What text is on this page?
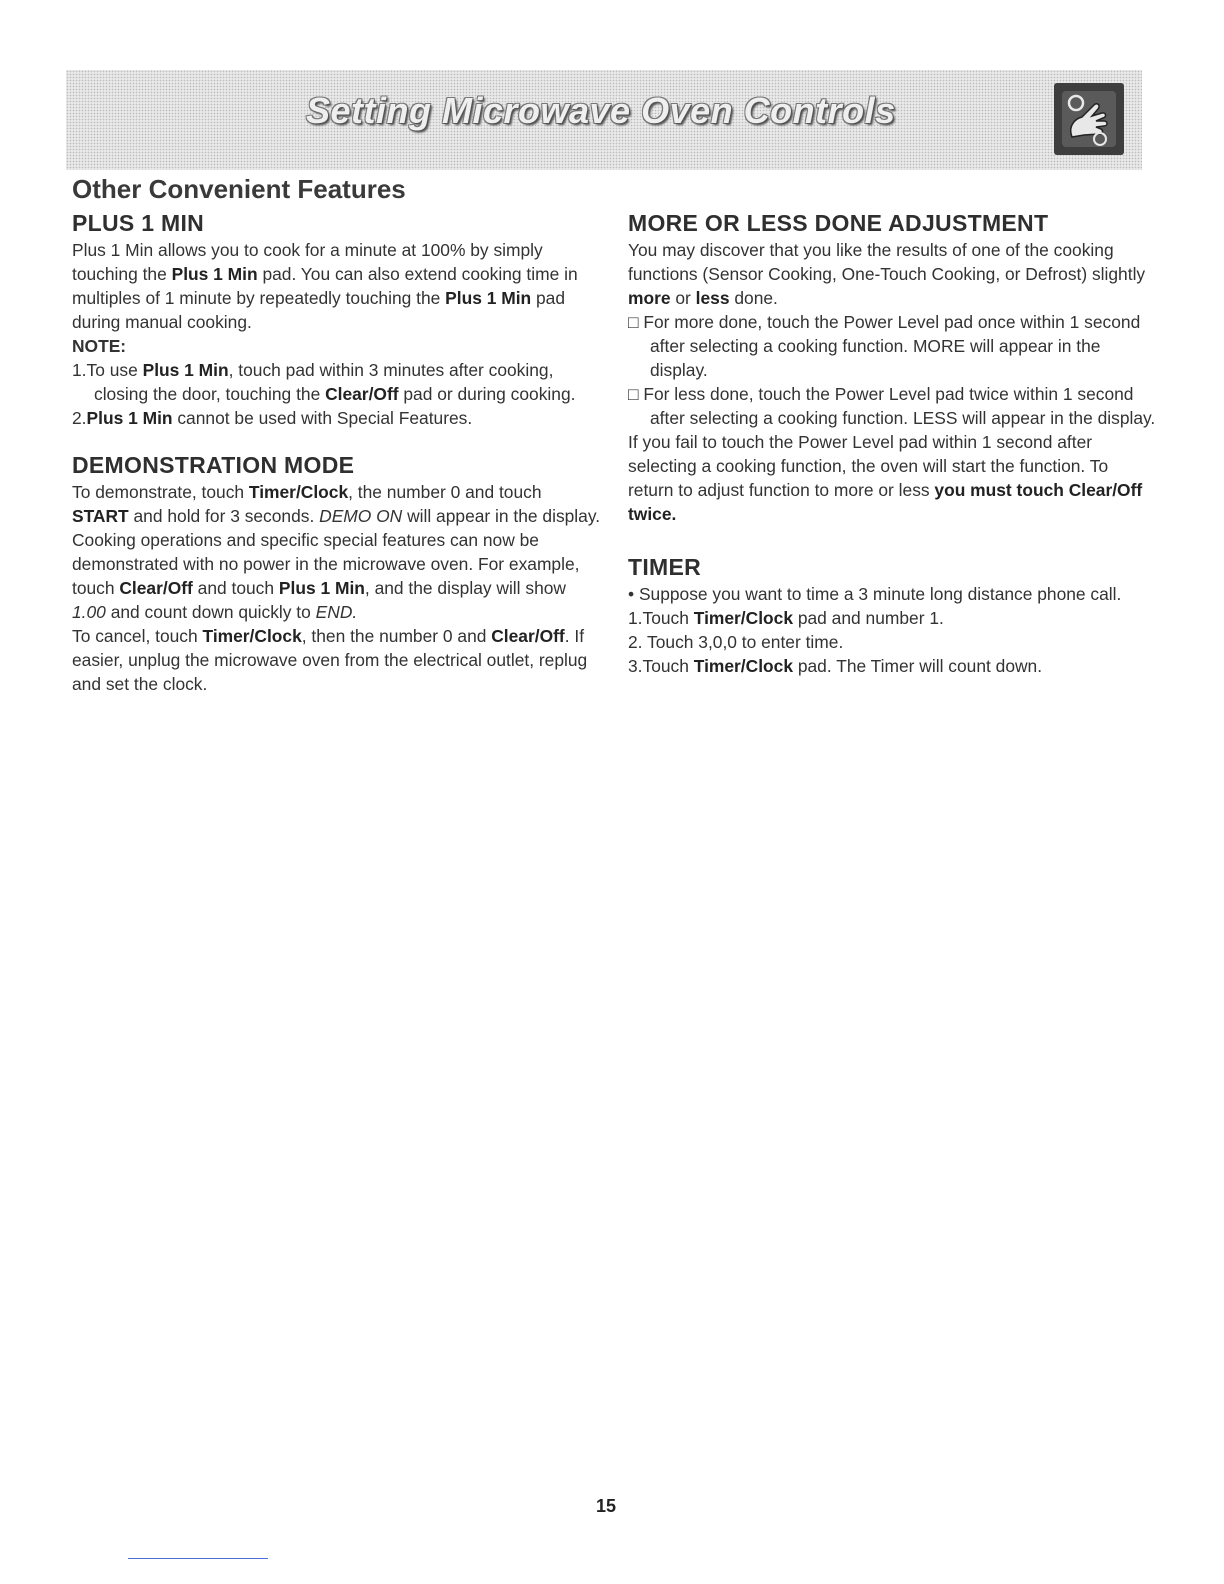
Setting Microwave Oven Controls
Other Convenient Features
PLUS 1 MIN

Plus 1 Min allows you to cook for a minute at 100% by simply touching the Plus 1 Min pad. You can also extend cooking time in multiples of 1 minute by repeatedly touching the Plus 1 Min pad during manual cooking.

NOTE:
1.To use Plus 1 Min, touch pad within 3 minutes after cooking, closing the door, touching the Clear/Off pad or during cooking.
2.Plus 1 Min cannot be used with Special Features.
DEMONSTRATION MODE

To demonstrate, touch Timer/Clock, the number 0 and touch START and hold for 3 seconds. DEMO ON will appear in the display. Cooking operations and specific special features can now be demonstrated with no power in the microwave oven. For example, touch Clear/Off and touch Plus 1 Min, and the display will show 1.00 and count down quickly to END.

To cancel, touch Timer/Clock, then the number 0 and Clear/Off. If easier, unplug the microwave oven from the electrical outlet, replug and set the clock.

MORE OR LESS DONE ADJUSTMENT

You may discover that you like the results of one of the cooking functions (Sensor Cooking, One-Touch Cooking, or Defrost) slightly more or less done.

□ For more done, touch the Power Level pad once within 1 second after selecting a cooking function. MORE will appear in the display.
□ For less done, touch the Power Level pad twice within 1 second after selecting a cooking function. LESS will appear in the display.

If you fail to touch the Power Level pad within 1 second after selecting a cooking function, the oven will start the function. To return to adjust function to more or less you must touch Clear/Off twice.

TIMER
• Suppose you want to time a 3 minute long distance phone call.
1.Touch Timer/Clock pad and number 1.
2. Touch 3,0,0 to enter time.
3.Touch Timer/Clock pad. The Timer will count down.
15
